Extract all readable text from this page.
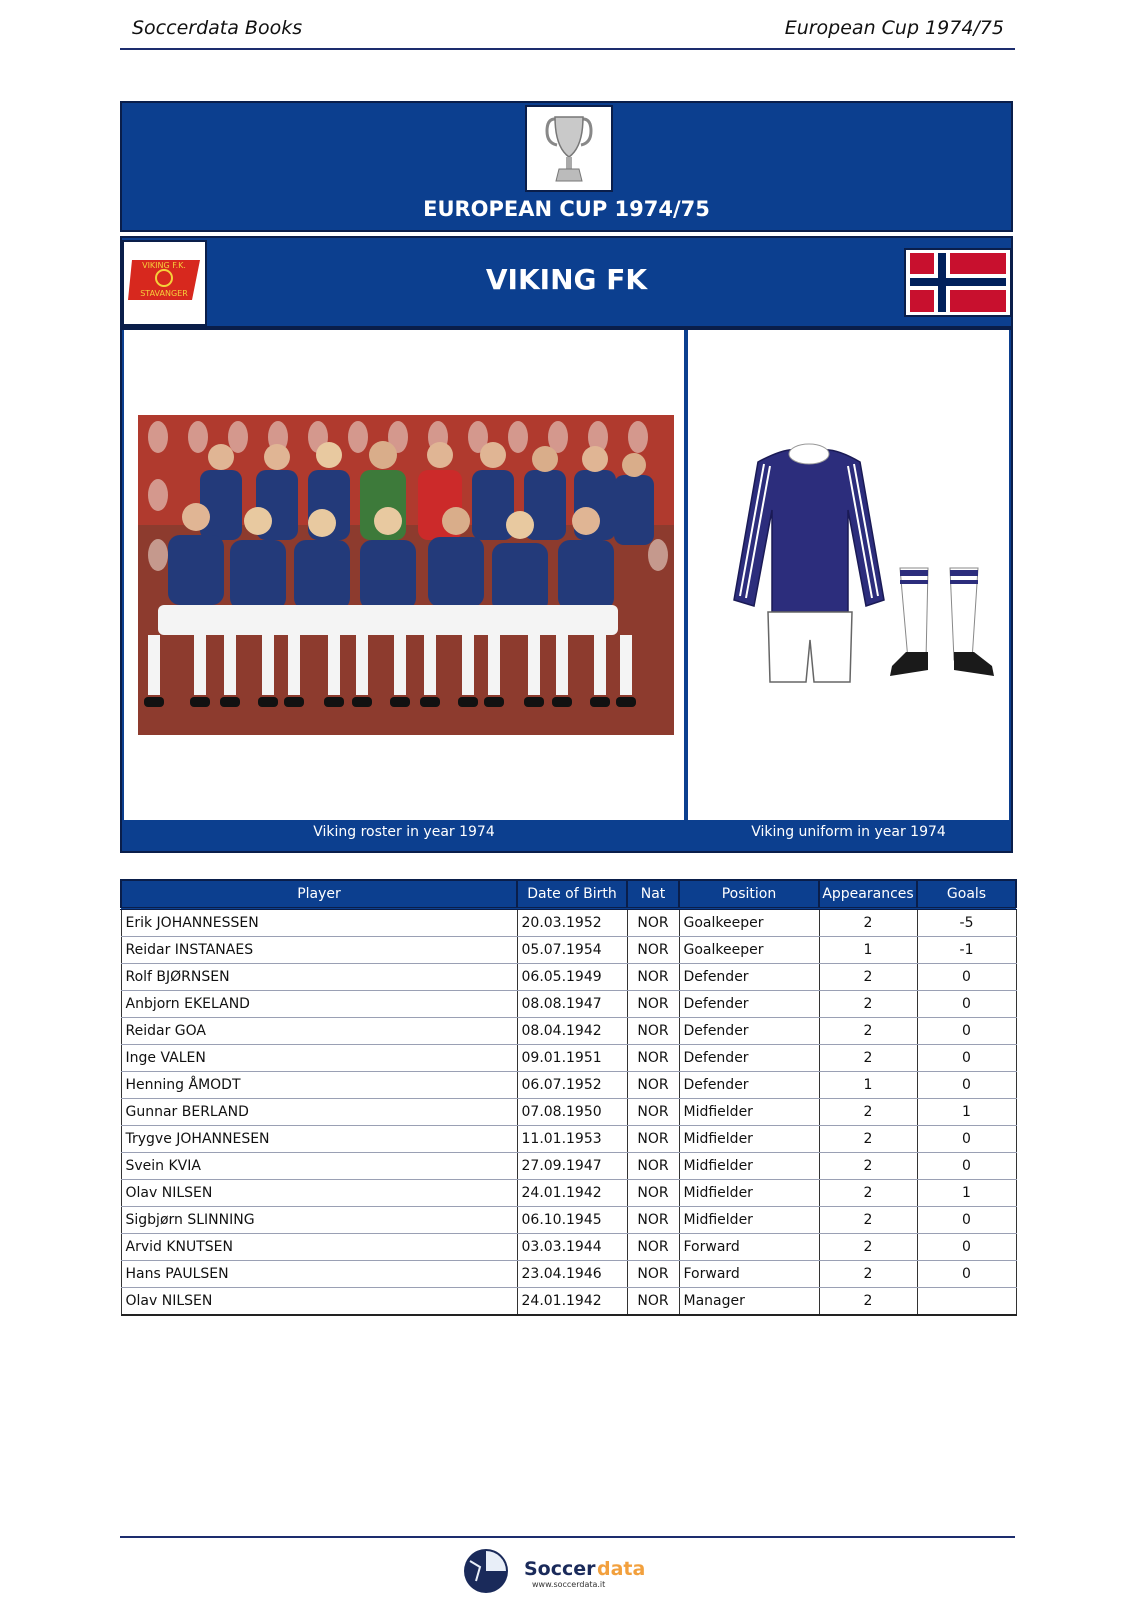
Soccerdata Books	European Cup 1974/75
EUROPEAN CUP 1974/75
VIKING F.K.
STAVANGER	VIKING FK
Viking roster in year 1974	Viking uniform in year 1974
Player	Date of Birth	Nat	Position	Appearances	Goals
Erik JOHANNESSEN	20.03.1952	NOR	Goalkeeper	2	-5
Reidar INSTANAES	05.07.1954	NOR	Goalkeeper	1	-1
Rolf BJØRNSEN	06.05.1949	NOR	Defender	2	0
Anbjorn EKELAND	08.08.1947	NOR	Defender	2	0
Reidar GOA	08.04.1942	NOR	Defender	2	0
Inge VALEN	09.01.1951	NOR	Defender	2	0
Henning ÅMODT	06.07.1952	NOR	Defender	1	0
Gunnar BERLAND	07.08.1950	NOR	Midfielder	2	1
Trygve JOHANNESEN	11.01.1953	NOR	Midfielder	2	0
Svein KVIA	27.09.1947	NOR	Midfielder	2	0
Olav NILSEN	24.01.1942	NOR	Midfielder	2	1
Sigbjørn SLINNING	06.10.1945	NOR	Midfielder	2	0
Arvid KNUTSEN	03.03.1944	NOR	Forward	2	0
Hans PAULSEN	23.04.1946	NOR	Forward	2	0
Olav NILSEN	24.01.1942	NOR	Manager	2	
Soccer data
www.soccerdata.it
